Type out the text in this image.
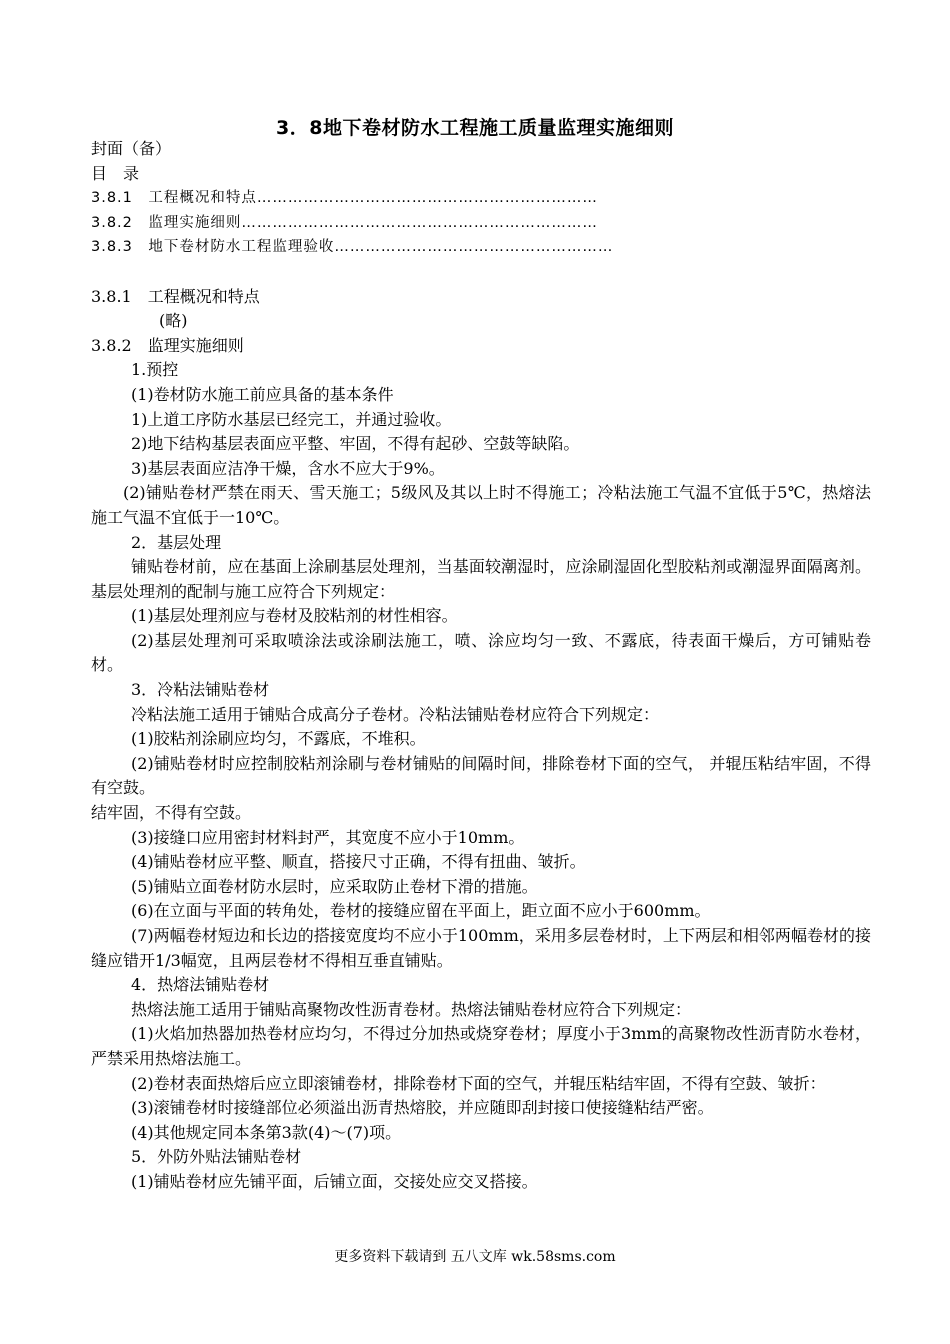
3．8地下卷材防水工程施工质量监理实施细则
封面（备）
目　录
3.8.1　工程概况和特点…………………………………………………………
3.8.2　监理实施细则……………………………………………………………
3.8.3　地下卷材防水工程监理验收………………………………………………
3.8.1　工程概况和特点
(略)
3.8.2　监理实施细则
1.预控
(1)卷材防水施工前应具备的基本条件
1)上道工序防水基层已经完工，并通过验收。
2)地下结构基层表面应平整、牢固，不得有起砂、空鼓等缺陷。
3)基层表面应洁净干燥，含水不应大于9%。
(2)铺贴卷材严禁在雨天、雪天施工；5级风及其以上时不得施工；冷粘法施工气温不宜低于5℃，热熔法施工气温不宜低于一10℃。
2．基层处理
铺贴卷材前，应在基面上涂刷基层处理剂，当基面较潮湿时，应涂刷湿固化型胶粘剂或潮湿界面隔离剂。基层处理剂的配制与施工应符合下列规定：
(1)基层处理剂应与卷材及胶粘剂的材性相容。
(2)基层处理剂可采取喷涂法或涂刷法施工，喷、涂应均匀一致、不露底，待表面干燥后，方可铺贴卷材。
3．冷粘法铺贴卷材
冷粘法施工适用于铺贴合成高分子卷材。冷粘法铺贴卷材应符合下列规定：
(1)胶粘剂涂刷应均匀，不露底，不堆积。
(2)铺贴卷材时应控制胶粘剂涂刷与卷材铺贴的间隔时间，排除卷材下面的空气， 并辊压粘结牢固，不得有空鼓。
结牢固，不得有空鼓。
(3)接缝口应用密封材料封严，其宽度不应小于10mm。
(4)铺贴卷材应平整、顺直，搭接尺寸正确，不得有扭曲、皱折。
(5)铺贴立面卷材防水层时，应采取防止卷材下滑的措施。
(6)在立面与平面的转角处，卷材的接缝应留在平面上，距立面不应小于600mm。
(7)两幅卷材短边和长边的搭接宽度均不应小于100mm，采用多层卷材时，上下两层和相邻两幅卷材的接缝应错开1/3幅宽，且两层卷材不得相互垂直铺贴。
4．热熔法铺贴卷材
热熔法施工适用于铺贴高聚物改性沥青卷材。热熔法铺贴卷材应符合下列规定：
(1)火焰加热器加热卷材应均匀，不得过分加热或烧穿卷材；厚度小于3mm的高聚物改性沥青防水卷材，严禁采用热熔法施工。
(2)卷材表面热熔后应立即滚铺卷材，排除卷材下面的空气，并辊压粘结牢固，不得有空鼓、皱折：
(3)滚铺卷材时接缝部位必须溢出沥青热熔胶，并应随即刮封接口使接缝粘结严密。
(4)其他规定同本条第3款(4)～(7)项。
5．外防外贴法铺贴卷材
(1)铺贴卷材应先铺平面，后铺立面，交接处应交叉搭接。
更多资料下载请到 五八文库 wk.58sms.com
